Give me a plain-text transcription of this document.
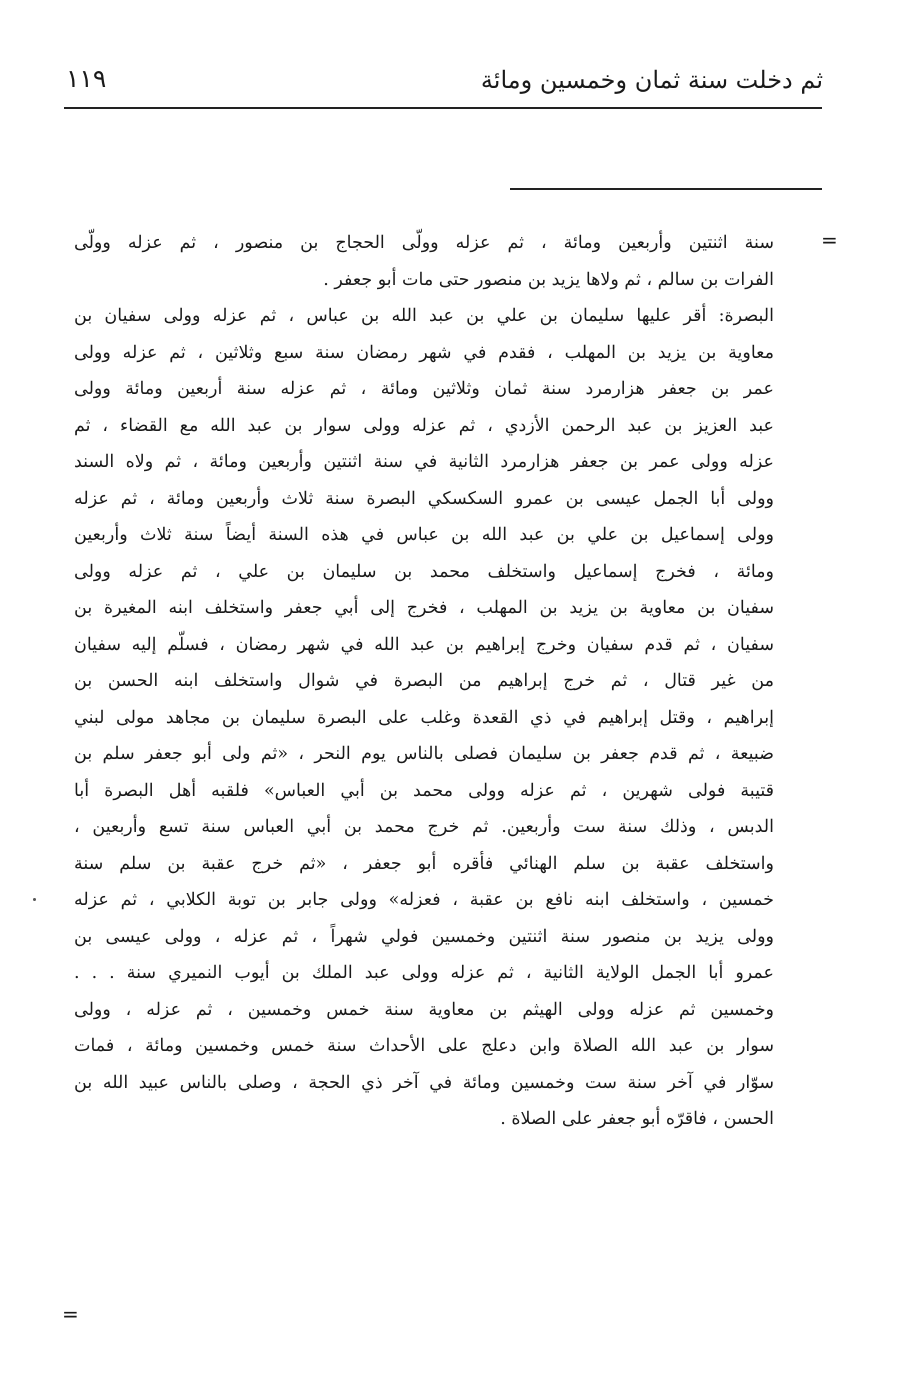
ثم دخلت سنة ثمان وخمسين ومائة
١١٩
=
سنة اثنتين وأربعين ومائة ، ثم عزله وولّى الحجاج بن منصور ، ثم عزله وولّى
الفرات بن سالم ، ثم ولاها يزيد بن منصور حتى مات أبو جعفر .
البصرة: أقر عليها سليمان بن علي بن عبد الله بن عباس ، ثم عزله وولى سفيان بن
معاوية بن يزيد بن المهلب ، فقدم في شهر رمضان سنة سبع وثلاثين ، ثم عزله وولى
عمر بن جعفر هزارمرد سنة ثمان وثلاثين ومائة ، ثم عزله سنة أربعين ومائة وولى
عبد العزيز بن عبد الرحمن الأزدي ، ثم عزله وولى سوار بن عبد الله مع القضاء ، ثم
عزله وولى عمر بن جعفر هزارمرد الثانية في سنة اثنتين وأربعين ومائة ، ثم ولاه السند
وولى أبا الجمل عيسى بن عمرو السكسكي البصرة سنة ثلاث وأربعين ومائة ، ثم عزله
وولى إسماعيل بن علي بن عبد الله بن عباس في هذه السنة أيضاً سنة ثلاث وأربعين
ومائة ، فخرج إسماعيل واستخلف محمد بن سليمان بن علي ، ثم عزله وولى
سفيان بن معاوية بن يزيد بن المهلب ، فخرج إلى أبي جعفر واستخلف ابنه المغيرة بن
سفيان ، ثم قدم سفيان وخرج إبراهيم بن عبد الله في شهر رمضان ، فسلّم إليه سفيان
من غير قتال ، ثم خرج إبراهيم من البصرة في شوال واستخلف ابنه الحسن بن
إبراهيم ، وقتل إبراهيم في ذي القعدة وغلب على البصرة سليمان بن مجاهد مولى لبني
ضبيعة ، ثم قدم جعفر بن سليمان فصلى بالناس يوم النحر ، «ثم ولى أبو جعفر سلم بن
قتيبة فولى شهرين ، ثم عزله وولى محمد بن أبي العباس» فلقبه أهل البصرة أبا
الدبس ، وذلك سنة ست وأربعين. ثم خرج محمد بن أبي العباس سنة تسع وأربعين ،
واستخلف عقبة بن سلم الهنائي فأقره أبو جعفر ، «ثم خرج عقبة بن سلم سنة
خمسين ، واستخلف ابنه نافع بن عقبة ، فعزله» وولى جابر بن توبة الكلابي ، ثم عزله
وولى يزيد بن منصور سنة اثنتين وخمسين فولي شهراً ، ثم عزله ، وولى عيسى بن
عمرو أبا الجمل الولاية الثانية ، ثم عزله وولى عبد الملك بن أيوب النميري سنة . . .
وخمسين ثم عزله وولى الهيثم بن معاوية سنة خمس وخمسين ، ثم عزله ، وولى
سوار بن عبد الله الصلاة وابن دعلج على الأحداث سنة خمس وخمسين ومائة ، فمات
سوّار في آخر سنة ست وخمسين ومائة في آخر ذي الحجة ، وصلى بالناس عبيد الله بن
الحسن ، فاقرّه أبو جعفر على الصلاة .
=
